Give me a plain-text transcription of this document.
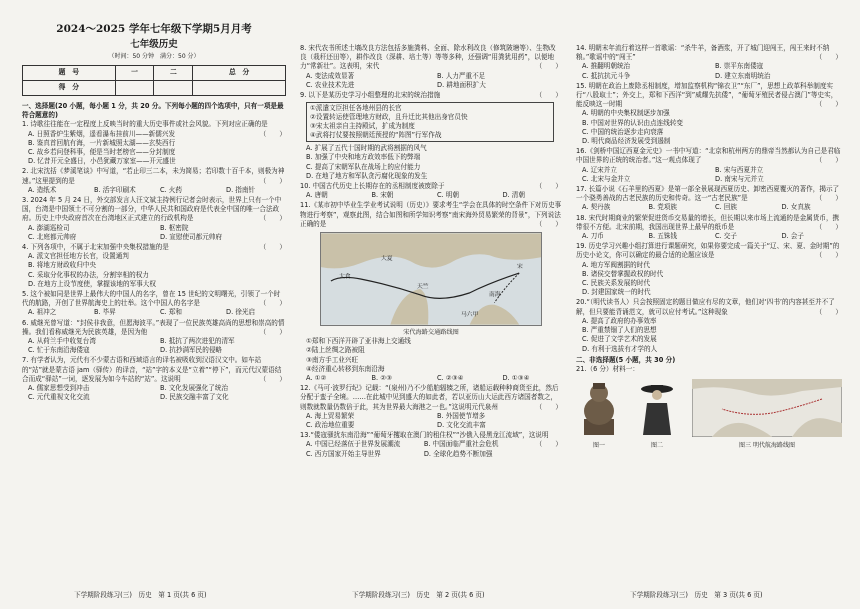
2024～2025 学年七年级下学期5月月考
七年级历史
（时间：50 分钟　满分：50 分）
题　号	一	二	总　分
得　分			
一、选择题(20 小题，每小题 1 分，共 20 分。下列每小题的四个选项中，只有一项是最符合题意的)
1. 诗歌往往能在一定程度上反映当时的重大历史事件或社会风貌。下列对应正确的是
（　　）
A. 日照香炉生紫烟，遥看瀑布挂前川——新儒兴发
B. 鉴真首回航有海，一片新城照太湖——玄奘西行
C. 故乡若问登科事，便是当时老榜官——分封制度
D. 忆昔开元全盛日，小邑犹藏万家室——开元盛世
2. 北宋沈括《梦溪笔谈》中写道，“若止印三二本，未为简易；若印数十百千本，则极为神速。”这里提到的是	（　　）
A. 造纸术	B. 活字印刷术	C. 火药	D. 指南针
3. 2024 年 5 月 24 日，外交部发言人汪文斌主持例行记者会时表示，世界上只有一个中国，台湾是中国领土不可分割的一部分，中华人民共和国政府是代表全中国的唯一合法政府。历史上中央政府首次在台湾地区正式建立的行政机构是	（　　）
A. 澎湖巡检司	B. 枢密院
C. 北庭都元帅府	D. 宣慰使司都元帅府
4. 下列各项中，不属于北宋加强中央集权措施的是	（　　）
A. 派文官担任地方长官，设置通判
B. 将地方财政收归中央
C. 采取分化事权的办法，分割宰相的权力
D. 在地方上设节度使，掌握该地的军事大权
5. 这个被如同是世界上最伟大的中国人的名字，曾在 15 世纪的文明曙光，引领了一个时代的航路，开创了世界航海史上的壮举。这个中国人的名字是	（　　）
A. 祖冲之	B. 毕昇	C. 郑和	D. 徐光启
6. 威继光曾写道：“封侯非我意，但愿海波平。”表现了一位民族英雄高尚的思想和崇高的情操。我们看称威继光为民族英雄，是因为他	（　　）
A. 从荷兰手中收复台湾	B. 抵抗了两次进犯的清军
C. 忙于东南沿海倭寇	D. 抗抄满军民的侵略
7. 有学者认为，元代有不少蒙古语和西域语言的译名被吸收到汉语汉文中。如车站的“站”就是蒙古语 jam（驿传）的译音，“站”字的本义是“立着”“停下”，而元代汉蒙语结合而成“驿站”一词，逐发展为如今车站的“站”。这说明	（　　）
A. 儒家思想受到冲击	B. 文化发展强化了统治
C. 元代重视文化交流	D. 民族交融丰富了文化
8. 宋代农书所述土壤改良方法包括多施粪料、全面、除水利改良（修筑陂塘等）、生物改良（栽秆还田等），耕作改良（深耕、培土等）等等多种，还强调“用粪犹用药”，以便地力“常新壮”。这表明，宋代	（　　）
A. 变法成效显著	B. 人力严重不足
C. 农业技术先进	D. 耕地面积扩大
9. 以下是某历史学习小组整理的北宋的统治措施	（　　）
①派遣文臣担任各地州县的长官
②设置转运使管理地方财政，且升迁比其他出身官员快
③宋太祖亲自主持殿试，扩成为制度
④武将打仗要按照朝廷预授的“阵图”行军作战
A. 扩展了五代十国时期的武将割据的风气
B. 加强了中央和地方政效率低下的弊端
C. 提高了宋朝军队在战场上的应付能力
D. 在地了地方和军队贪污腐化现象的发生
10. 中国古代历史上长期存在的丞相制度被废除于	（　　）
A. 唐朝	B. 宋朝	C. 明朝	D. 清朝
11.《某市初中毕业生学业考试说明（历史）》要求考生“学会在具体的时空条件下对历史事物进行考察”，观察此图，结合如图和所学知识考察“南宋海外贸易繁荣的背景”，下列说法正确的是	（　　）
大食
大夏
马六甲
天竺
南海
宋
宋代海路交通路线图
①郑和下西洋开辟了亚非海上交通线
②陆上丝绸之路被阻
③南方手工业兴旺
④经济重心转移到东南沿海
A. ①②	B. ②③	C. ②③④	D. ①③④
12.《马可·波罗行纪》记载：“(泉州)乃不少船舶辐辏之所，诸船运载种种商货至此，然后分配于蛮子全境。……在此城中见到盛大的如此者，若以亚历山大运此西方诸国者数之，则数就数量仍数倍于此，其为世界最大海港之一也。”这说明元代泉州	（　　）
A. 海上贸易繁荣	B. 外国使节增多
C. 政治地位重要	D. 文化交流丰富
13.“倭寇骚扰东南沿海”“葡萄牙攫取在澳门的租住权”“沙俄入侵黑龙江流域”，这说明
（　　）
A. 中国已经落伍于世界发展潮流	B. 中国面临严重社会危机
C. 西方国家开始主导世界	D. 全球化趋势不断加强
14. 明朝末年流行着这样一首歌谣：“杀牛羊，备酒浆，开了城门迎闯王，闯王来时不纳粮。”歌谣中的“闯王”	（　　）
A. 推翻明朝统治	B. 崇平东南倭寇
C. 抵抗抗元斗争	D. 建立东南明统治
15. 明朝在政治上废除丞相制度，增加监察机构“锦衣卫”“东厂”，思想上政革科举制度实行“八股取士”；外交上，郑和下西洋“到”威耀先抗倭”，“葡萄牙殖民者侵占澳门”等史实，能反映这一时期	（　　）
A. 明朝的中央集权制逐步加强
B. 中国对世界的认识由点连线转变
C. 中国的统治逐步走向衰落
D. 明代商品经济发展受到遏制
16.《剑桥中国辽西夏金元史》一书中写道：“北京和杭州两方的鼎帝当然都认为自己是君临中国世界的正统的统治者。”这一观点体现了	（　　）
A. 辽宋并立	B. 宋与西夏并立
C. 北宋与金并立	D. 南宋与元并立
17. 长篇小说《石羊里的西夏》是第一部全景展现西夏历史、卸密西夏覆灭的著作，揭示了一个骁勇善战的古老民族的历史和传奇。这一“古老民族”是	（　　）
A. 契丹族	B. 党项族	C. 回族	D. 女真族
18. 宋代时期商业的繁荣促进货币交易量的增长，但长期以来市场上流通的是金属货币，携带很不方便。北宋前期，我国出现世界上最早的纸币是	（　　）
A. 刀币	B. 五铢钱	C. 交子	D. 会子
19. 历史学习兴趣小组打算进行课题研究，如果你要完成一篇关于“辽、宋、夏、金时期”的历史小论文，你可以确定的最合适的论题应该是	（　　）
A. 地方军阀割据的时代
B. 诸侯交替掌握政权的时代
C. 民族关系发展的时代
D. 封建国家统一的时代
20.“（明代读书人）只会按照固定的题目做应有尽的文章，他们对‘四书’的内容甚至并不了解，但只要能背诵范文，就可以应付考试。”这种现象	（　　）
A. 提高了政府的办事效率
B. 严重禁锢了人们的思想
C. 促进了文学艺术的发展
D. 有利于选拔有才学的人
二、非选择题(5 小题，共 30 分)
21.（6 分）材料一：
图一	图二	图三 明代航海路线图
下学期阶段练习(三)　历史　第 1 页(共 6 页)	下学期阶段练习(三)　历史　第 2 页(共 6 页)	下学期阶段练习(三)　历史　第 3 页(共 6 页)
